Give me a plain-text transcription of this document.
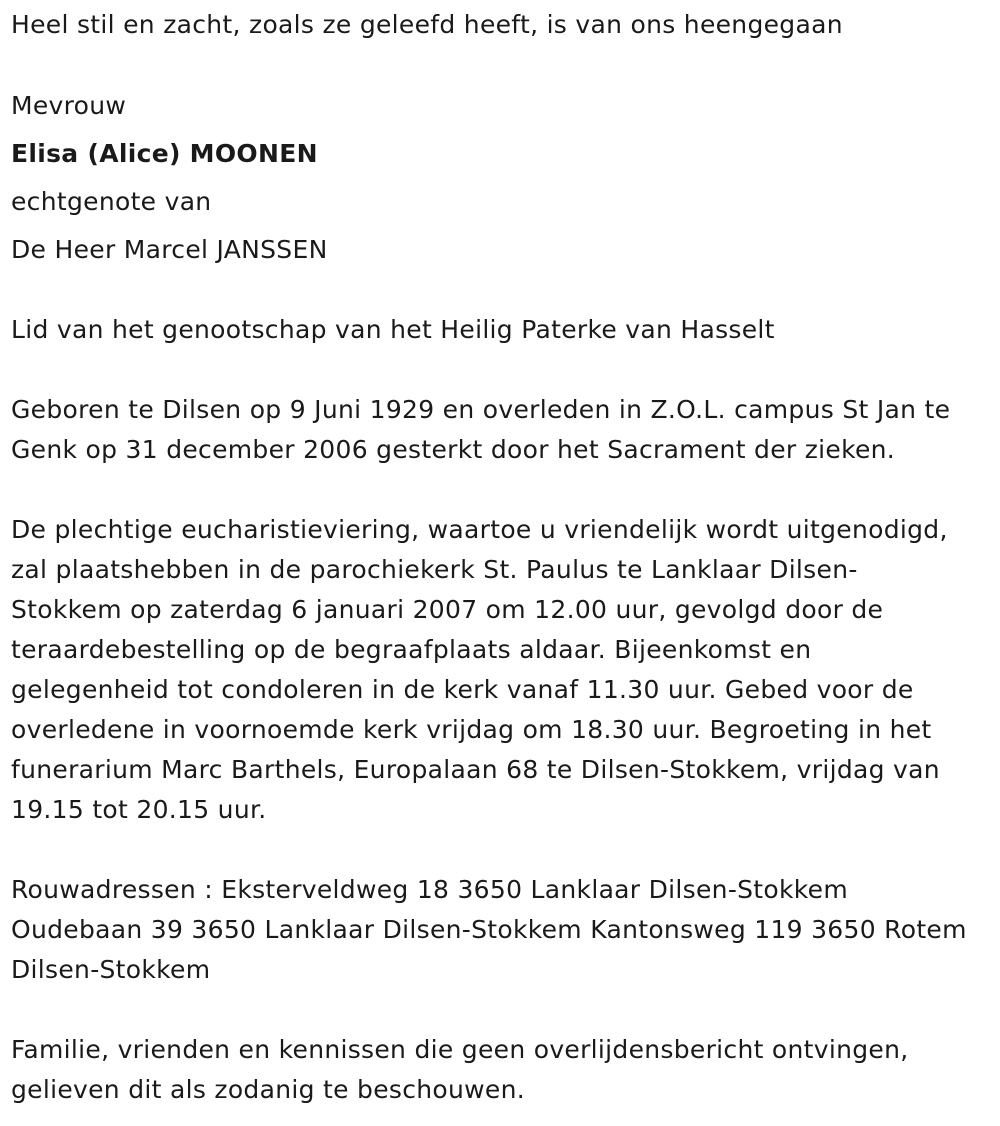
Heel stil en zacht, zoals ze geleefd heeft, is van ons heengegaan
Mevrouw
Elisa (Alice) MOONEN
echtgenote van
De Heer Marcel JANSSEN
Lid van het genootschap van het Heilig Paterke van Hasselt
Geboren te Dilsen op 9 Juni 1929 en overleden in Z.O.L. campus St Jan te
Genk op 31 december 2006 gesterkt door het Sacrament der zieken.
De plechtige eucharistieviering, waartoe u vriendelijk wordt uitgenodigd,
zal plaatshebben in de parochiekerk St. Paulus te Lanklaar Dilsen-
Stokkem op zaterdag 6 januari 2007 om 12.00 uur, gevolgd door de
teraardebestelling op de begraafplaats aldaar. Bijeenkomst en
gelegenheid tot condoleren in de kerk vanaf 11.30 uur. Gebed voor de
overledene in voornoemde kerk vrijdag om 18.30 uur. Begroeting in het
funerarium Marc Barthels, Europalaan 68 te Dilsen-Stokkem, vrijdag van
19.15 tot 20.15 uur.
Rouwadressen : Eksterveldweg 18 3650 Lanklaar Dilsen-Stokkem
Oudebaan 39 3650 Lanklaar Dilsen-Stokkem Kantonsweg 119 3650 Rotem
Dilsen-Stokkem
Familie, vrienden en kennissen die geen overlijdensbericht ontvingen,
gelieven dit als zodanig te beschouwen.
